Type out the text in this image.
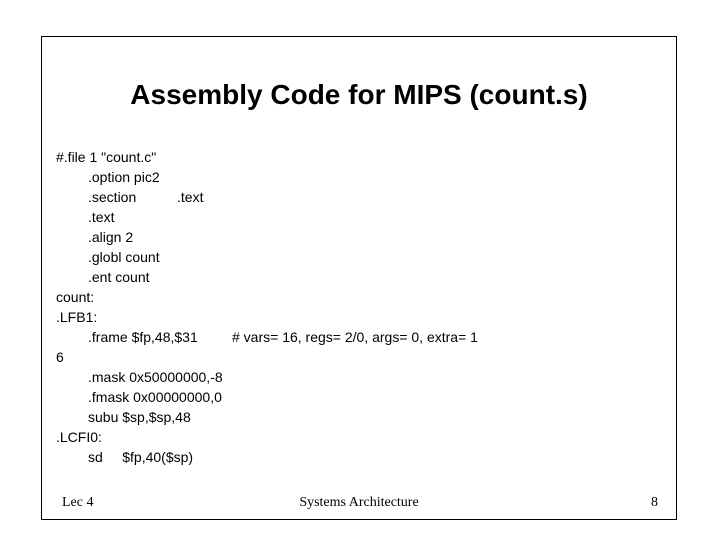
Assembly Code for MIPS (count.s)
#.file 1 "count.c"
.option pic2
.section	.text
.text
.align 2
.globl count
.ent count
count:
.LFB1:
.frame $fp,48,$31 # vars= 16, regs= 2/0, args= 0, extra= 1
6
.mask 0x50000000,-8
.fmask 0x00000000,0
subu $sp,$sp,48
.LCFI0:
sd     $fp,40($sp)
Lec 4	Systems Architecture	8
